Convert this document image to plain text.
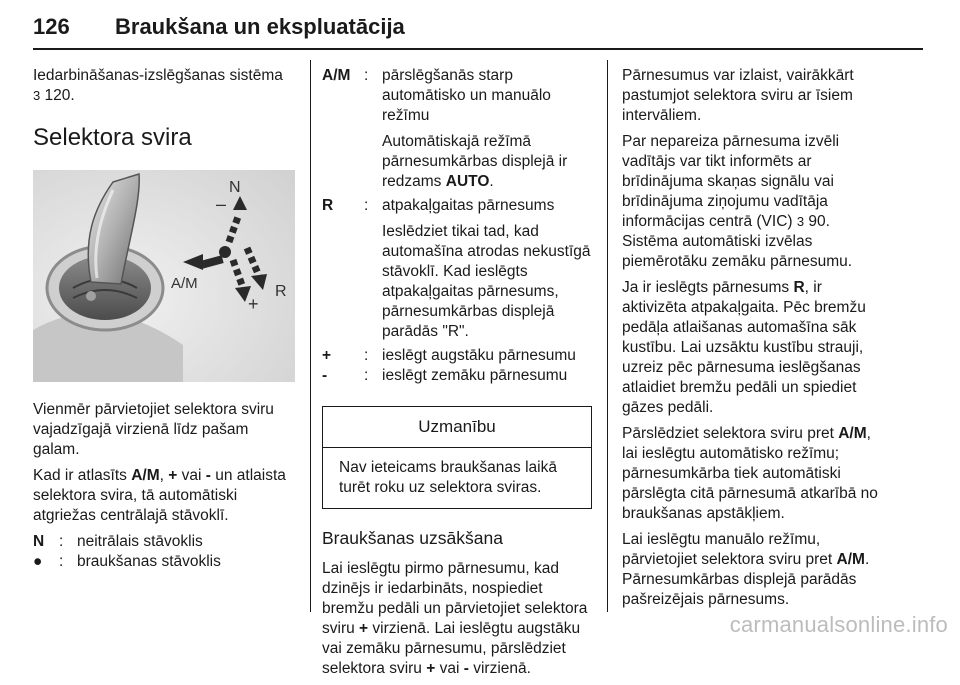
126 Braukšana un ekspluatācija

Iedarbināšanas-izslēgšanas sistēma
3 120.

Selektora svira
–
N
A/M
+
R

Vienmēr pārvietojiet selektora sviru vajadzīgajā virzienā līdz pašam galam.

Kad ir atlasīts A/M, + vai - un atlaista selektora svira, tā automātiski atgriežas centrālajā stāvoklī.

N : neitrālais stāvoklis
●	: braukšanas stāvoklis
A/M : pārslēgšanās starp automātisko un manuālo režīmu

Automātiskajā režīmā pārnesumkārbas displejā ir redzams AUTO.

R	: atpakaļgaitas pārnesums

Ieslēdziet tikai tad, kad automašīna atrodas nekustīgā stāvoklī. Kad ieslēgts atpakaļgaitas pārnesums, pārnesumkārbas displejā parādās "R".

+	: ieslēgt augstāku pārnesumu
-	: ieslēgt zemāku pārnesumu
Uzmanību
Nav ieteicams braukšanas laikā turēt roku uz selektora sviras.
Braukšanas uzsākšana

Lai ieslēgtu pirmo pārnesumu, kad dzinējs ir iedarbināts, nospiediet bremžu pedāli un pārvietojiet selektora sviru + virzienā. Lai ieslēgtu augstāku vai zemāku pārnesumu, pārslēdziet selektora sviru + vai - virzienā.

Pārnesumus var izlaist, vairākkārt pastumjot selektora sviru ar īsiem intervāliem.

Par nepareiza pārnesuma izvēli vadītājs var tikt informēts ar brīdinājuma skaņas signālu vai brīdinājuma ziņojumu vadītāja informācijas centrā (VIC) 3 90. Sistēma automātiski izvēlas piemērotāku zemāku pārnesumu.

Ja ir ieslēgts pārnesums R, ir aktivizēta atpakaļgaita. Pēc bremžu pedāļa atlaišanas automašīna sāk kustību. Lai uzsāktu kustību strauji, uzreiz pēc pārnesuma ieslēgšanas atlaidiet bremžu pedāli un spiediet gāzes pedāli.

Pārslēdziet selektora sviru pret A/M, lai ieslēgtu automātisko režīmu; pārnesumkārba tiek automātiski pārslēgta citā pārnesumā atkarībā no braukšanas apstākļiem.

Lai ieslēgtu manuālo režīmu, pārvietojiet selektora sviru pret A/M. Pārnesumkārbas displejā parādās pašreizējais pārnesums.

carmanualsonline.info
